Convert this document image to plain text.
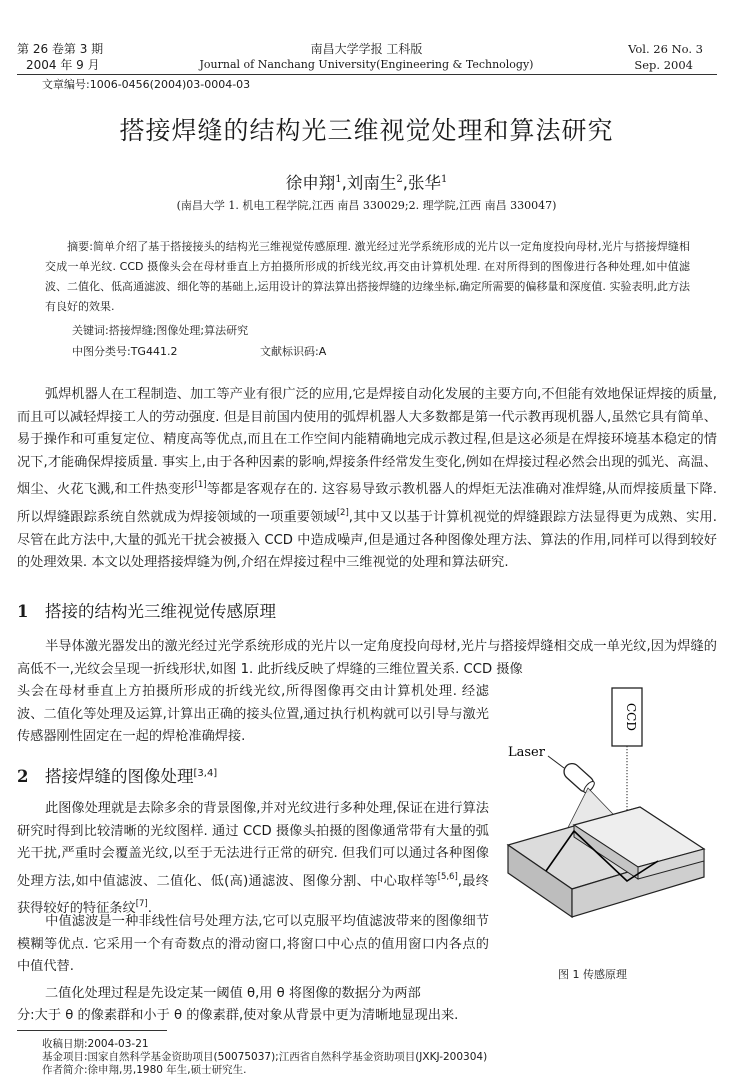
第 26 卷第 3 期
2004 年 9 月
南昌大学学报 工科版
Journal of Nanchang University(Engineering & Technology)
Vol. 26 No. 3
Sep. 2004
文章编号:1006-0456(2004)03-0004-03
搭接焊缝的结构光三维视觉处理和算法研究
徐申翔$^1$,刘南生$^2$,张华$^1$
(南昌大学 1. 机电工程学院,江西 南昌 330029;2. 理学院,江西 南昌 330047)
摘要:简单介绍了基于搭接接头的结构光三维视觉传感原理. 激光经过光学系统形成的光片以一定角度投向母材,光片与搭接焊缝相交成一单光纹. CCD 摄像头会在母材垂直上方拍摄所形成的折线光纹,再交由计算机处理. 在对所得到的图像进行各种处理,如中值滤波、二值化、低高通滤波、细化等的基础上,运用设计的算法算出搭接焊缝的边缘坐标,确定所需要的偏移量和深度值. 实验表明,此方法有良好的效果.
关键词:搭接焊缝;图像处理;算法研究
中图分类号:TG441.2	文献标识码:A
弧焊机器人在工程制造、加工等产业有很广泛的应用,它是焊接自动化发展的主要方向,不但能有效地保证焊接的质量,而且可以减轻焊接工人的劳动强度. 但是目前国内使用的弧焊机器人大多数都是第一代示教再现机器人,虽然它具有简单、易于操作和可重复定位、精度高等优点,而且在工作空间内能精确地完成示教过程,但是这必须是在焊接环境基本稳定的情况下,才能确保焊接质量. 事实上,由于各种因素的影响,焊接条件经常发生变化,例如在焊接过程必然会出现的弧光、高温、烟尘、火花飞溅,和工件热变形[1]等都是客观存在的. 这容易导致示教机器人的焊炬无法准确对准焊缝,从而焊接质量下降. 所以焊缝跟踪系统自然就成为焊接领域的一项重要领域[2],其中又以基于计算机视觉的焊缝跟踪方法显得更为成熟、实用. 尽管在此方法中,大量的弧光干扰会被摄入 CCD 中造成噪声,但是通过各种图像处理方法、算法的作用,同样可以得到较好的处理效果. 本文以处理搭接焊缝为例,介绍在焊接过程中三维视觉的处理和算法研究.
1 搭接的结构光三维视觉传感原理
半导体激光器发出的激光经过光学系统形成的光片以一定角度投向母材,光片与搭接焊缝相交成一单光纹,因为焊缝的高低不一,光纹会呈现一折线形状,如图 1. 此折线反映了焊缝的三维位置关系. CCD 摄像
头会在母材垂直上方拍摄所形成的折线光纹,所得图像再交由计算机处理. 经滤波、二值化等处理及运算,计算出正确的接头位置,通过执行机构就可以引导与激光传感器刚性固定在一起的焊枪准确焊接.
2 搭接焊缝的图像处理[3,4]
此图像处理就是去除多余的背景图像,并对光纹进行多种处理,保证在进行算法研究时得到比较清晰的光纹图样. 通过 CCD 摄像头拍摄的图像通常带有大量的弧光干扰,严重时会覆盖光纹,以至于无法进行正常的研究. 但我们可以通过各种图像处理方法,如中值滤波、二值化、低(高)通滤波、图像分割、中心取样等[5,6],最终获得较好的特征条纹[7].
中值滤波是一种非线性信号处理方法,它可以克服平均值滤波带来的图像细节模糊等优点. 它采用一个有奇数点的滑动窗口,将窗口中心点的值用窗口内各点的中值代替.
二值化处理过程是先设定某一阈值 θ,用 θ 将图像的数据分为两部
分:大于 θ 的像素群和小于 θ 的像素群,使对象从背景中更为清晰地显现出来.
CCD
Laser
图 1 传感原理
收稿日期:2004-03-21
基金项目:国家自然科学基金资助项目(50075037);江西省自然科学基金资助项目(JXKJ-200304)
作者简介:徐申翔,男,1980 年生,硕士研究生.
